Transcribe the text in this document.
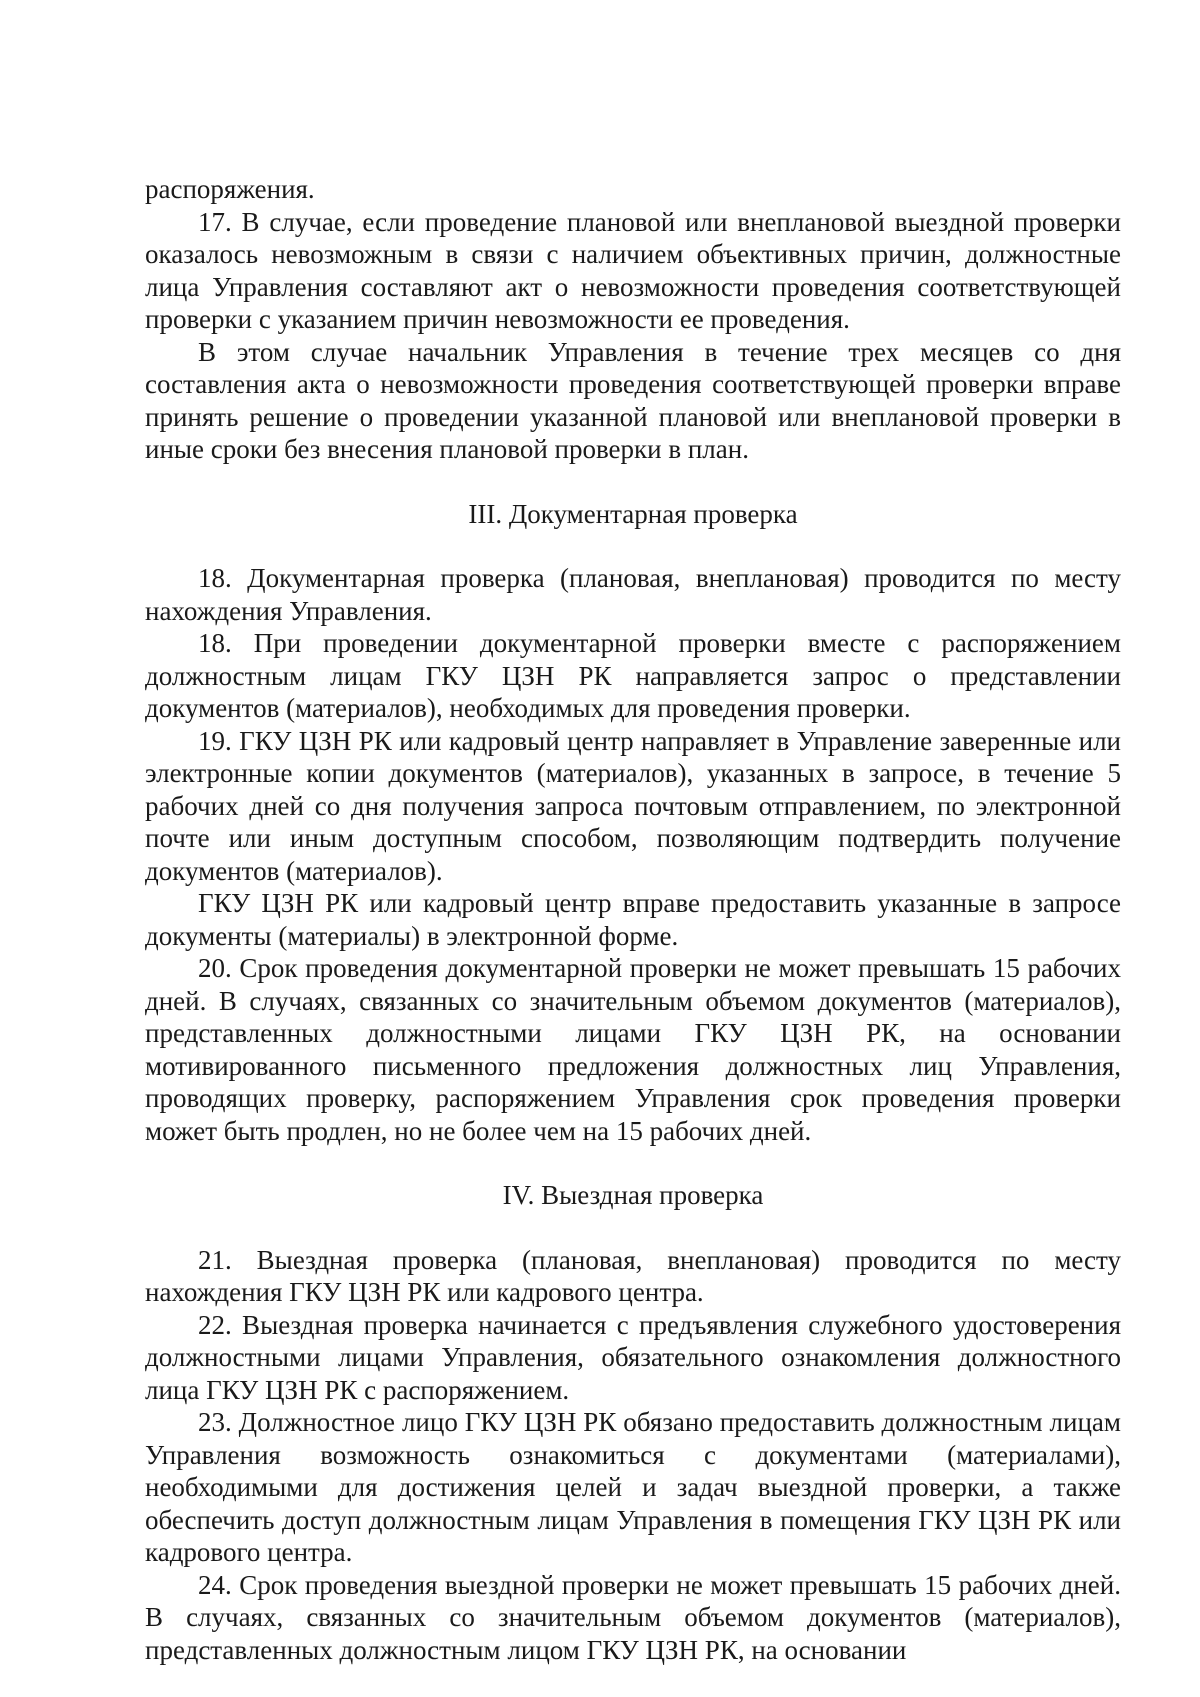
распоряжения.

17. В случае, если проведение плановой или внеплановой выездной проверки оказалось невозможным в связи с наличием объективных причин, должностные лица Управления составляют акт о невозможности проведения соответствующей проверки с указанием причин невозможности ее проведения.

В этом случае начальник Управления в течение трех месяцев со дня составления акта о невозможности проведения соответствующей проверки вправе принять решение о проведении указанной плановой или внеплановой проверки в иные сроки без внесения плановой проверки в план.

III. Документарная проверка

18. Документарная проверка (плановая, внеплановая) проводится по месту нахождения Управления.

18. При проведении документарной проверки вместе с распоряжением должностным лицам ГКУ ЦЗН РК направляется запрос о представлении документов (материалов), необходимых для проведения проверки.

19. ГКУ ЦЗН РК или кадровый центр направляет в Управление заверенные или электронные копии документов (материалов), указанных в запросе, в течение 5 рабочих дней со дня получения запроса почтовым отправлением, по электронной почте или иным доступным способом, позволяющим подтвердить получение документов (материалов).

ГКУ ЦЗН РК или кадровый центр вправе предоставить указанные в запросе документы (материалы) в электронной форме.

20. Срок проведения документарной проверки не может превышать 15 рабочих дней. В случаях, связанных со значительным объемом документов (материалов), представленных должностными лицами ГКУ ЦЗН РК, на основании мотивированного письменного предложения должностных лиц Управления, проводящих проверку, распоряжением Управления срок проведения проверки может быть продлен, но не более чем на 15 рабочих дней.

IV. Выездная проверка

21. Выездная проверка (плановая, внеплановая) проводится по месту нахождения ГКУ ЦЗН РК или кадрового центра.

22. Выездная проверка начинается с предъявления служебного удостоверения должностными лицами Управления, обязательного ознакомления должностного лица ГКУ ЦЗН РК с распоряжением.

23. Должностное лицо ГКУ ЦЗН РК обязано предоставить должностным лицам Управления возможность ознакомиться с документами (материалами), необходимыми для достижения целей и задач выездной проверки, а также обеспечить доступ должностным лицам Управления в помещения ГКУ ЦЗН РК или кадрового центра.

24. Срок проведения выездной проверки не может превышать 15 рабочих дней. В случаях, связанных со значительным объемом документов (материалов), представленных должностным лицом ГКУ ЦЗН РК, на основании
